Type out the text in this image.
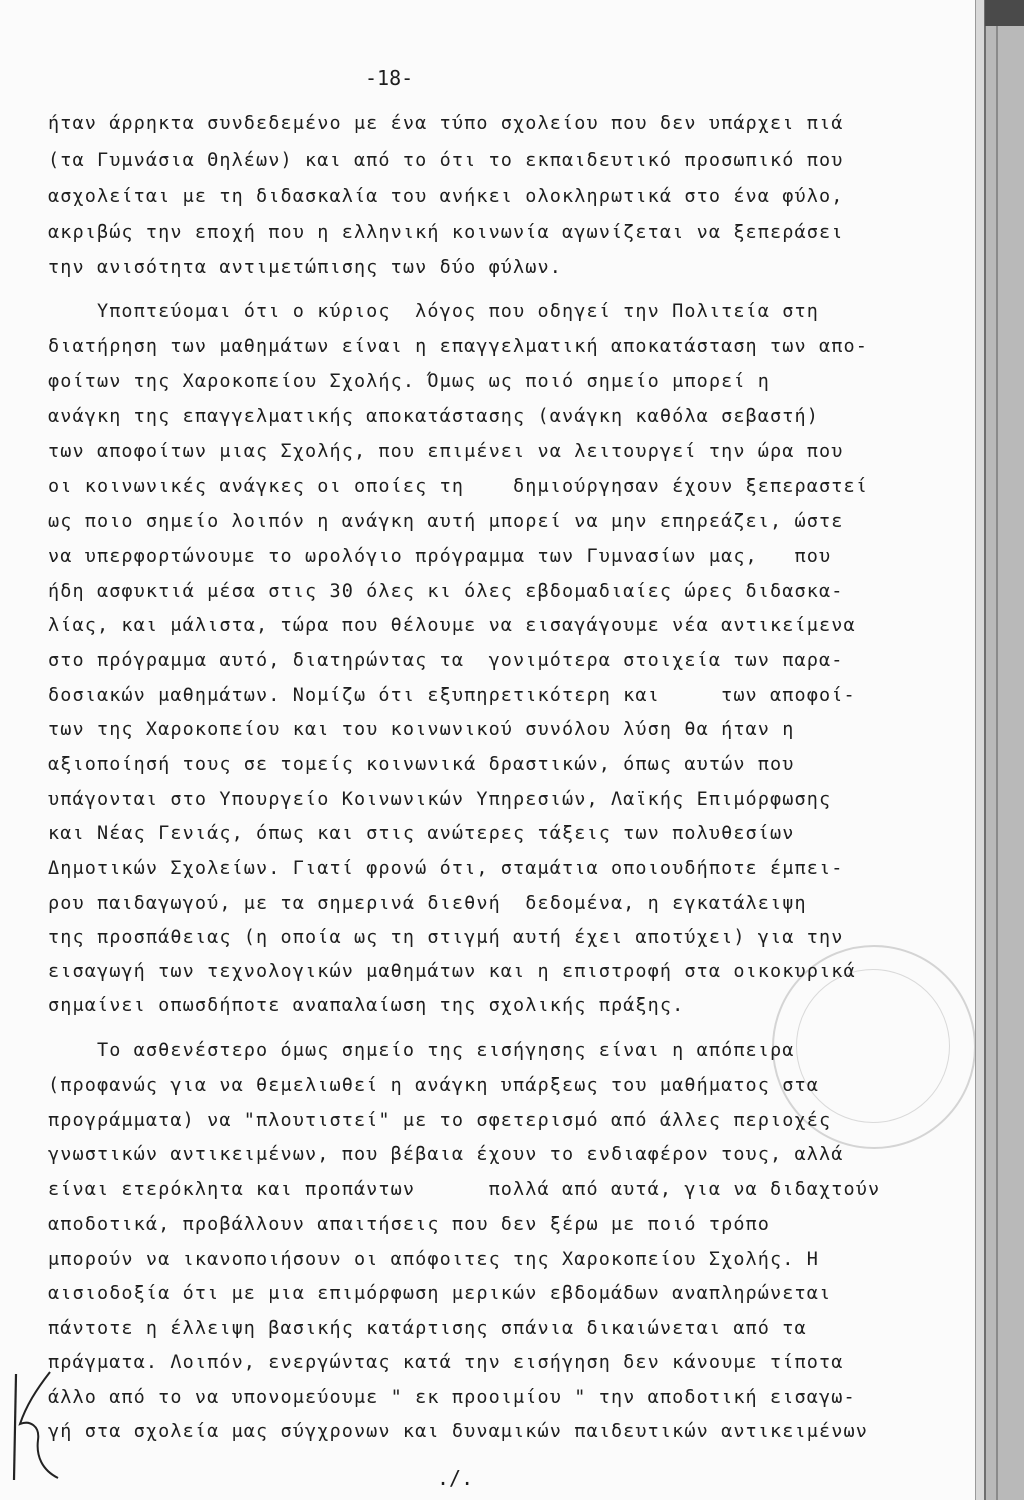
-18-
ήταν άρρηκτα συνδεδεμένο με ένα τύπο σχολείου που δεν υπάρχει πιά
(τα Γυμνάσια Θηλέων) και από το ότι το εκπαιδευτικό προσωπικό που
ασχολείται με τη διδασκαλία του ανήκει ολοκληρωτικά στο ένα φύλο,
ακριβώς την εποχή που η ελληνική κοινωνία αγωνίζεται να ξεπεράσει
την ανισότητα αντιμετώπισης των δύο φύλων.
Υποπτεύομαι ότι ο κύριος  λόγος που οδηγεί την Πολιτεία στη
διατήρηση των μαθημάτων είναι η επαγγελματική αποκατάσταση των απο-
φοίτων της Χαροκοπείου Σχολής. Όμως ως ποιό σημείο μπορεί η
ανάγκη της επαγγελματικής αποκατάστασης (ανάγκη καθόλα σεβαστή)
των αποφοίτων μιας Σχολής, που επιμένει να λειτουργεί την ώρα που
οι κοινωνικές ανάγκες οι οποίες τη    δημιούργησαν έχουν ξεπεραστεί
ως ποιο σημείο λοιπόν η ανάγκη αυτή μπορεί να μην επηρεάζει, ώστε
να υπερφορτώνουμε το ωρολόγιο πρόγραμμα των Γυμνασίων μας,   που
ήδη ασφυκτιά μέσα στις 30 όλες κι όλες εβδομαδιαίες ώρες διδασκα-
λίας, και μάλιστα, τώρα που θέλουμε να εισαγάγουμε νέα αντικείμενα
στο πρόγραμμα αυτό, διατηρώντας τα  γονιμότερα στοιχεία των παρα-
δοσιακών μαθημάτων. Νομίζω ότι εξυπηρετικότερη και     των αποφοί-
των της Χαροκοπείου και του κοινωνικού συνόλου λύση θα ήταν η
αξιοποίησή τους σε τομείς κοινωνικά δραστικών, όπως αυτών που
υπάγονται στο Υπουργείο Κοινωνικών Υπηρεσιών, Λαϊκής Επιμόρφωσης
και Νέας Γενιάς, όπως και στις ανώτερες τάξεις των πολυθεσίων
Δημοτικών Σχολείων. Γιατί φρονώ ότι, σταμάτια οποιουδήποτε έμπει-
ρου παιδαγωγού, με τα σημερινά διεθνή  δεδομένα, η εγκατάλειψη
της προσπάθειας (η οποία ως τη στιγμή αυτή έχει αποτύχει) για την
εισαγωγή των τεχνολογικών μαθημάτων και η επιστροφή στα οικοκυρικά
σημαίνει οπωσδήποτε αναπαλαίωση της σχολικής πράξης.
Το ασθενέστερο όμως σημείο της εισήγησης είναι η απόπειρα
(προφανώς για να θεμελιωθεί η ανάγκη υπάρξεως του μαθήματος στα
προγράμματα) να "πλουτιστεί" με το σφετερισμό από άλλες περιοχές
γνωστικών αντικειμένων, που βέβαια έχουν το ενδιαφέρον τους, αλλά
είναι ετερόκλητα και προπάντων      πολλά από αυτά, για να διδαχτούν
αποδοτικά, προβάλλουν απαιτήσεις που δεν ξέρω με ποιό τρόπο
μπορούν να ικανοποιήσουν οι απόφοιτες της Χαροκοπείου Σχολής. Η
αισιοδοξία ότι με μια επιμόρφωση μερικών εβδομάδων αναπληρώνεται
πάντοτε η έλλειψη βασικής κατάρτισης σπάνια δικαιώνεται από τα
πράγματα. Λοιπόν, ενεργώντας κατά την εισήγηση δεν κάνουμε τίποτα
άλλο από το να υπονομεύουμε " εκ προοιμίου " την αποδοτική εισαγω-
γή στα σχολεία μας σύγχρονων και δυναμικών παιδευτικών αντικειμένων
./.
